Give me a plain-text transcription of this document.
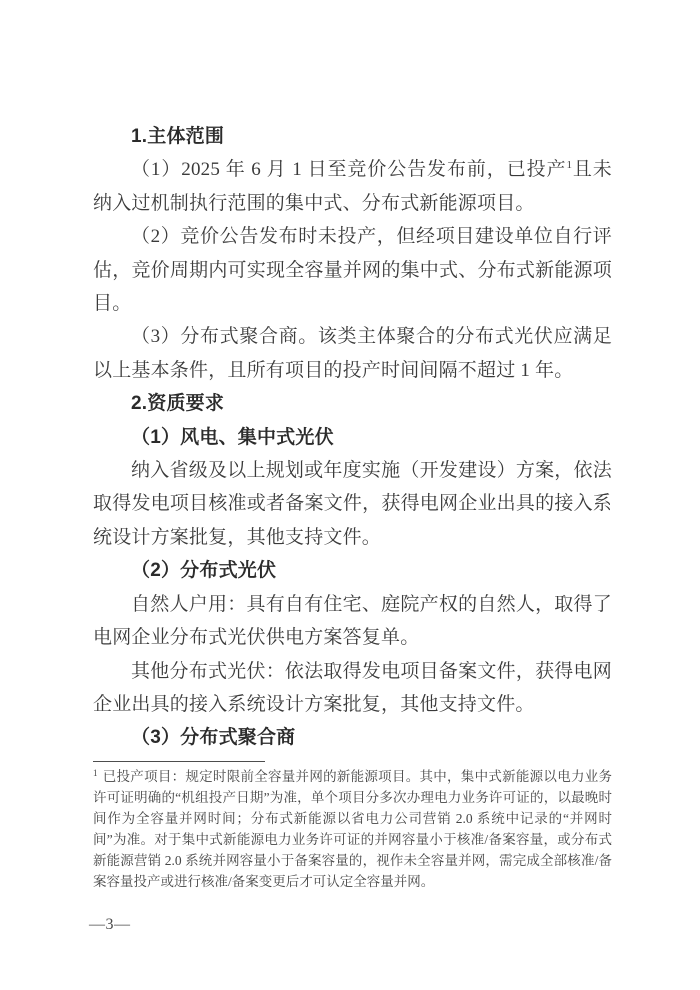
1.主体范围

（1）2025 年 6 月 1 日至竞价公告发布前，已投产$^1$且未纳入过机制执行范围的集中式、分布式新能源项目。

（2）竞价公告发布时未投产，但经项目建设单位自行评估，竞价周期内可实现全容量并网的集中式、分布式新能源项目。

（3）分布式聚合商。该类主体聚合的分布式光伏应满足以上基本条件，且所有项目的投产时间间隔不超过 1 年。

2.资质要求

（1）风电、集中式光伏

纳入省级及以上规划或年度实施（开发建设）方案，依法取得发电项目核准或者备案文件，获得电网企业出具的接入系统设计方案批复，其他支持文件。

（2）分布式光伏

自然人户用：具有自有住宅、庭院产权的自然人，取得了电网企业分布式光伏供电方案答复单。

其他分布式光伏：依法取得发电项目备案文件，获得电网企业出具的接入系统设计方案批复，其他支持文件。

（3）分布式聚合商

$^1$ 已投产项目：规定时限前全容量并网的新能源项目。其中，集中式新能源以电力业务许可证明确的“机组投产日期”为准，单个项目分多次办理电力业务许可证的，以最晚时间作为全容量并网时间；分布式新能源以省电力公司营销 2.0 系统中记录的“并网时间”为准。对于集中式新能源电力业务许可证的并网容量小于核准/备案容量，或分布式新能源营销 2.0 系统并网容量小于备案容量的，视作未全容量并网，需完成全部核准/备案容量投产或进行核准/备案变更后才可认定全容量并网。
—3—
